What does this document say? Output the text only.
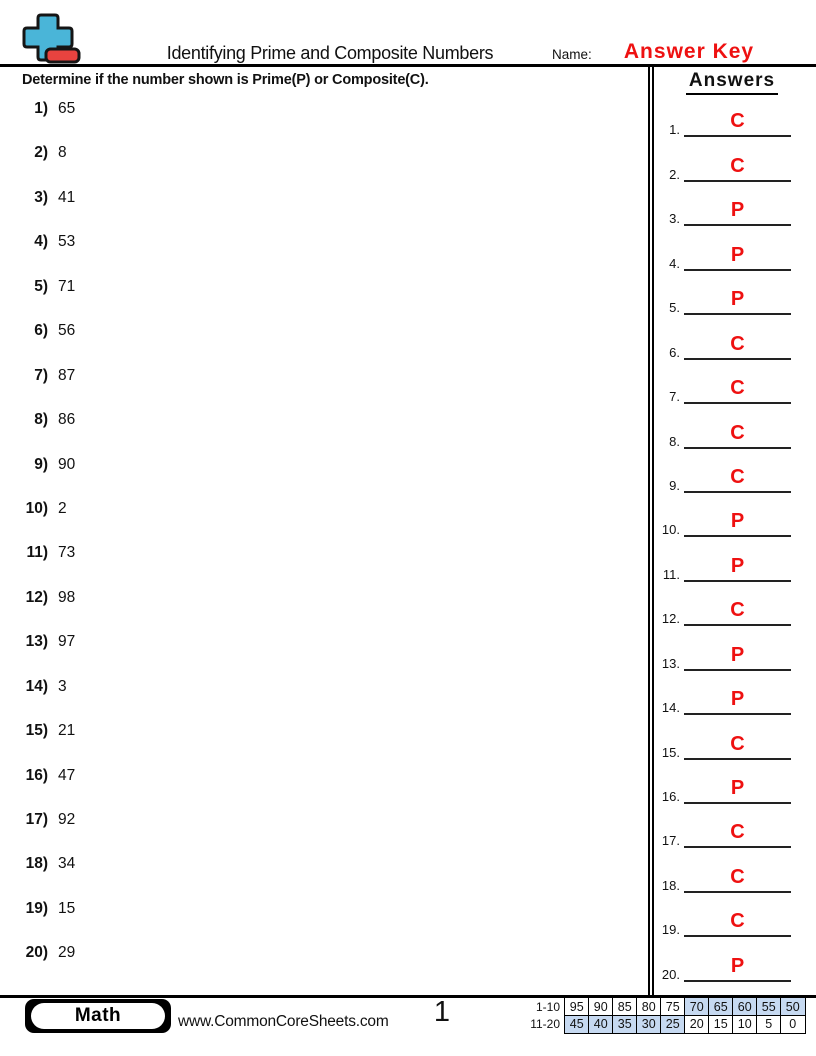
Identifying Prime and Composite Numbers	Name: Answer Key
Determine if the number shown is Prime(P) or Composite(C).
1) 65
2) 8
3) 41
4) 53
5) 71
6) 56
7) 87
8) 86
9) 90
10) 2
11) 73
12) 98
13) 97
14) 3
15) 21
16) 47
17) 92
18) 34
19) 15
20) 29
Answers
1.	C
2.	C
3.	P
4.	P
5.	P
6.	C
7.	C
8.	C
9.	C
10.	P
11.	P
12.	C
13.	P
14.	P
15.	C
16.	P
17.	C
18.	C
19.	C
20.	P
Math	www.CommonCoreSheets.com	1	1-10 95 90 85 80 75 70 65 60 55 50
11-20 45 40 35 30 25 20 15 10	5	0
